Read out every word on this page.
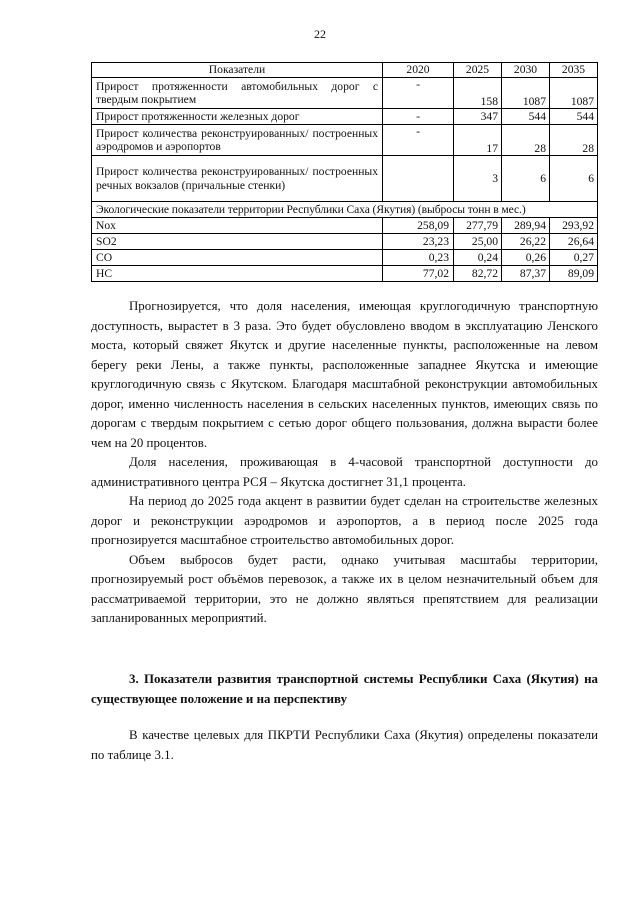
22
Показатели	2020	2025	2030	2035
Прирост протяженности автомобильных дорог с твердым покрытием	-	158	1087	1087
Прирост протяженности железных дорог	-	347	544	544
Прирост количества реконструированных/ построенных аэродромов и аэропортов	-	17	28	28
Прирост количества реконструированных/ построенных речных вокзалов (причальные стенки)		3	6	6
Экологические показатели территории Республики Саха (Якутия) (выбросы тонн в мес.)				
Nox	258,09	277,79	289,94	293,92
SO2	23,23	25,00	26,22	26,64
CO	0,23	0,24	0,26	0,27
HC	77,02	82,72	87,37	89,09

Прогнозируется, что доля населения, имеющая круглогодичную транспортную доступность, вырастет в 3 раза. Это будет обусловлено вводом в эксплуатацию Ленского моста, который свяжет Якутск и другие населенные пункты, расположенные на левом берегу реки Лены, а также пункты, расположенные западнее Якутска и имеющие круглогодичную связь с Якутском. Благодаря масштабной реконструкции автомобильных дорог, именно численность населения в сельских населенных пунктов, имеющих связь по дорогам с твердым покрытием с сетью дорог общего пользования, должна вырасти более чем на 20 процентов.

Доля населения, проживающая в 4-часовой транспортной доступности до административного центра РСЯ – Якутска достигнет 31,1 процента.

На период до 2025 года акцент в развитии будет сделан на строительстве железных дорог и реконструкции аэродромов и аэропортов, а в период после 2025 года прогнозируется масштабное строительство автомобильных дорог.

Объем выбросов будет расти, однако учитывая масштабы территории, прогнозируемый рост объёмов перевозок, а также их в целом незначительный объем для рассматриваемой территории, это не должно являться препятствием для реализации запланированных мероприятий.

3. Показатели развития транспортной системы Республики Саха (Якутия) на существующее положение и на перспективу

В качестве целевых для ПКРТИ Республики Саха (Якутия) определены показатели по таблице 3.1.
